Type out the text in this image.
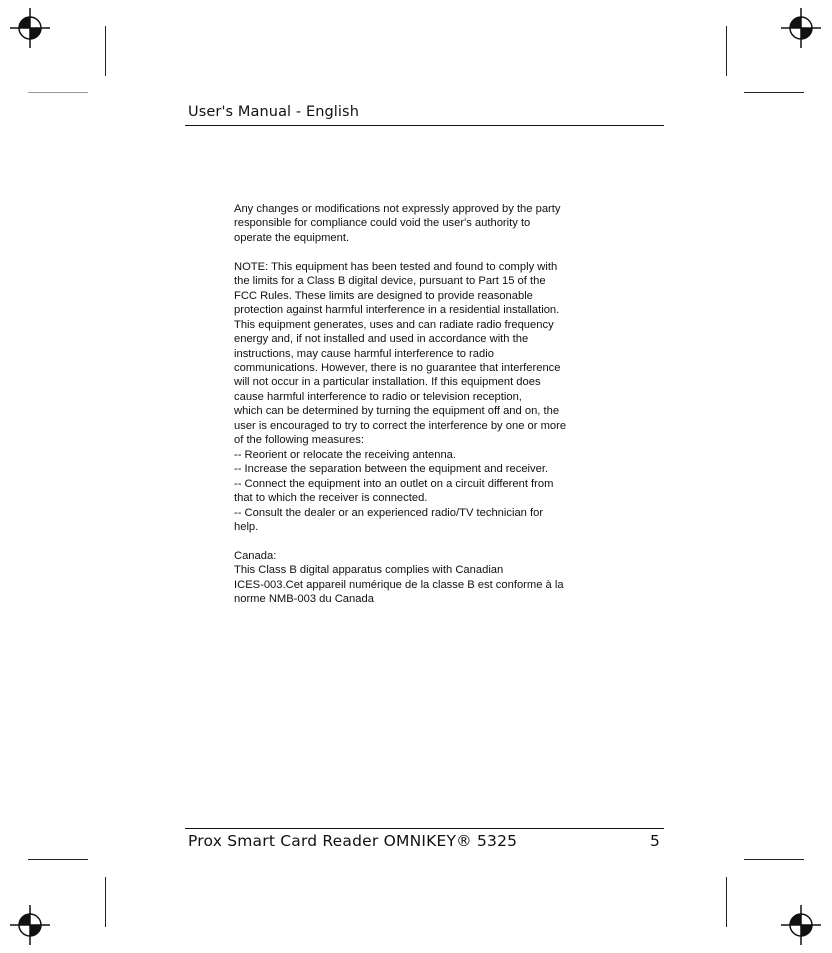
User's Manual - English
Any changes or modifications not expressly approved by the party
responsible for compliance could void the user's authority to
operate the equipment.
NOTE: This equipment has been tested and found to comply with
the limits for a Class B digital device, pursuant to Part 15 of the
FCC Rules. These limits are designed to provide reasonable
protection against harmful interference in a residential installation.
This equipment generates, uses and can radiate radio frequency
energy and, if not installed and used in accordance with the
instructions, may cause harmful interference to radio
communications. However, there is no guarantee that interference
will not occur in a particular installation. If this equipment does
cause harmful interference to radio or television reception,
which can be determined by turning the equipment off and on, the
user is encouraged to try to correct the interference by one or more
of the following measures:
-- Reorient or relocate the receiving antenna.
-- Increase the separation between the equipment and receiver.
-- Connect the equipment into an outlet on a circuit different from
that to which the receiver is connected.
-- Consult the dealer or an experienced radio/TV technician for
help.
Canada:
This Class B digital apparatus complies with Canadian
ICES-003.Cet appareil numérique de la classe B est conforme à la
norme NMB-003 du Canada
Prox Smart Card Reader OMNIKEY® 5325	5
